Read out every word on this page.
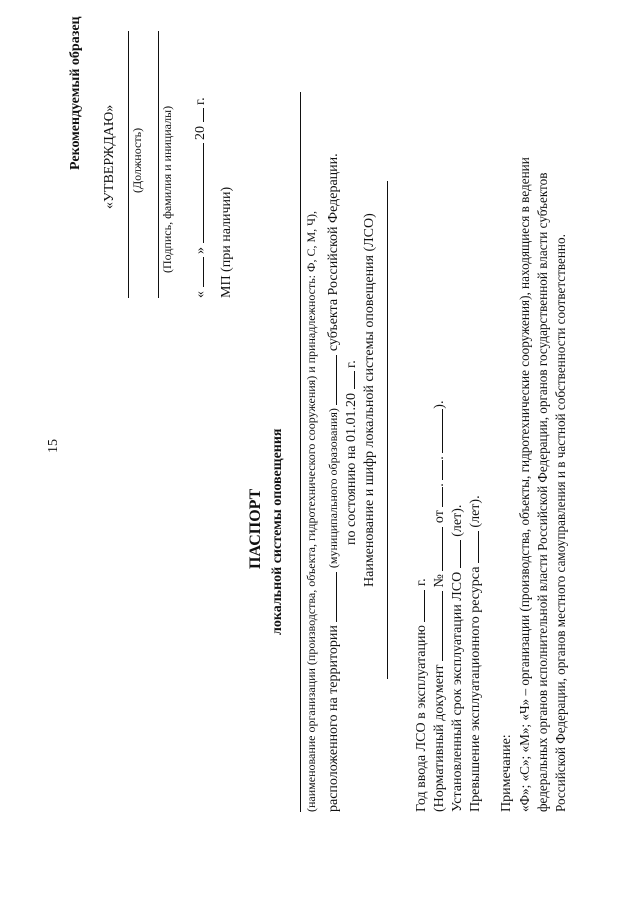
15
Рекомендуемый образец «УТВЕРЖДАЮ» (Должность) (Подпись, фамилия и инициалы)
«  »  20  г.
МП (при наличии)
ПАСПОРТ локальной системы оповещения (наименование организации (производства, объекта, гидротехнического сооружения) и принадлежность: Ф, С, М, Ч), расположенного на территории  (муниципального образования)  субъекта Российской Федерации.
по состоянию на 01.01.20  г. Наименование и шифр локальной системы оповещения (ЛСО)
Год ввода ЛСО в эксплуатацию  г.
(Нормативный документ  №  от . . ).
Установленный срок эксплуатации ЛСО  (лет).
Превышение эксплуатационного ресурса  (лет).
Примечание: «Ф»; «С»; «М»; «Ч» – организации (производства, объекты, гидротехнические сооружения), находящиеся в ведении федеральных органов исполнительной власти Российской Федерации, органов государственной власти субъектов Российской Федерации, органов местного самоуправления и в частной собственности соответственно.
